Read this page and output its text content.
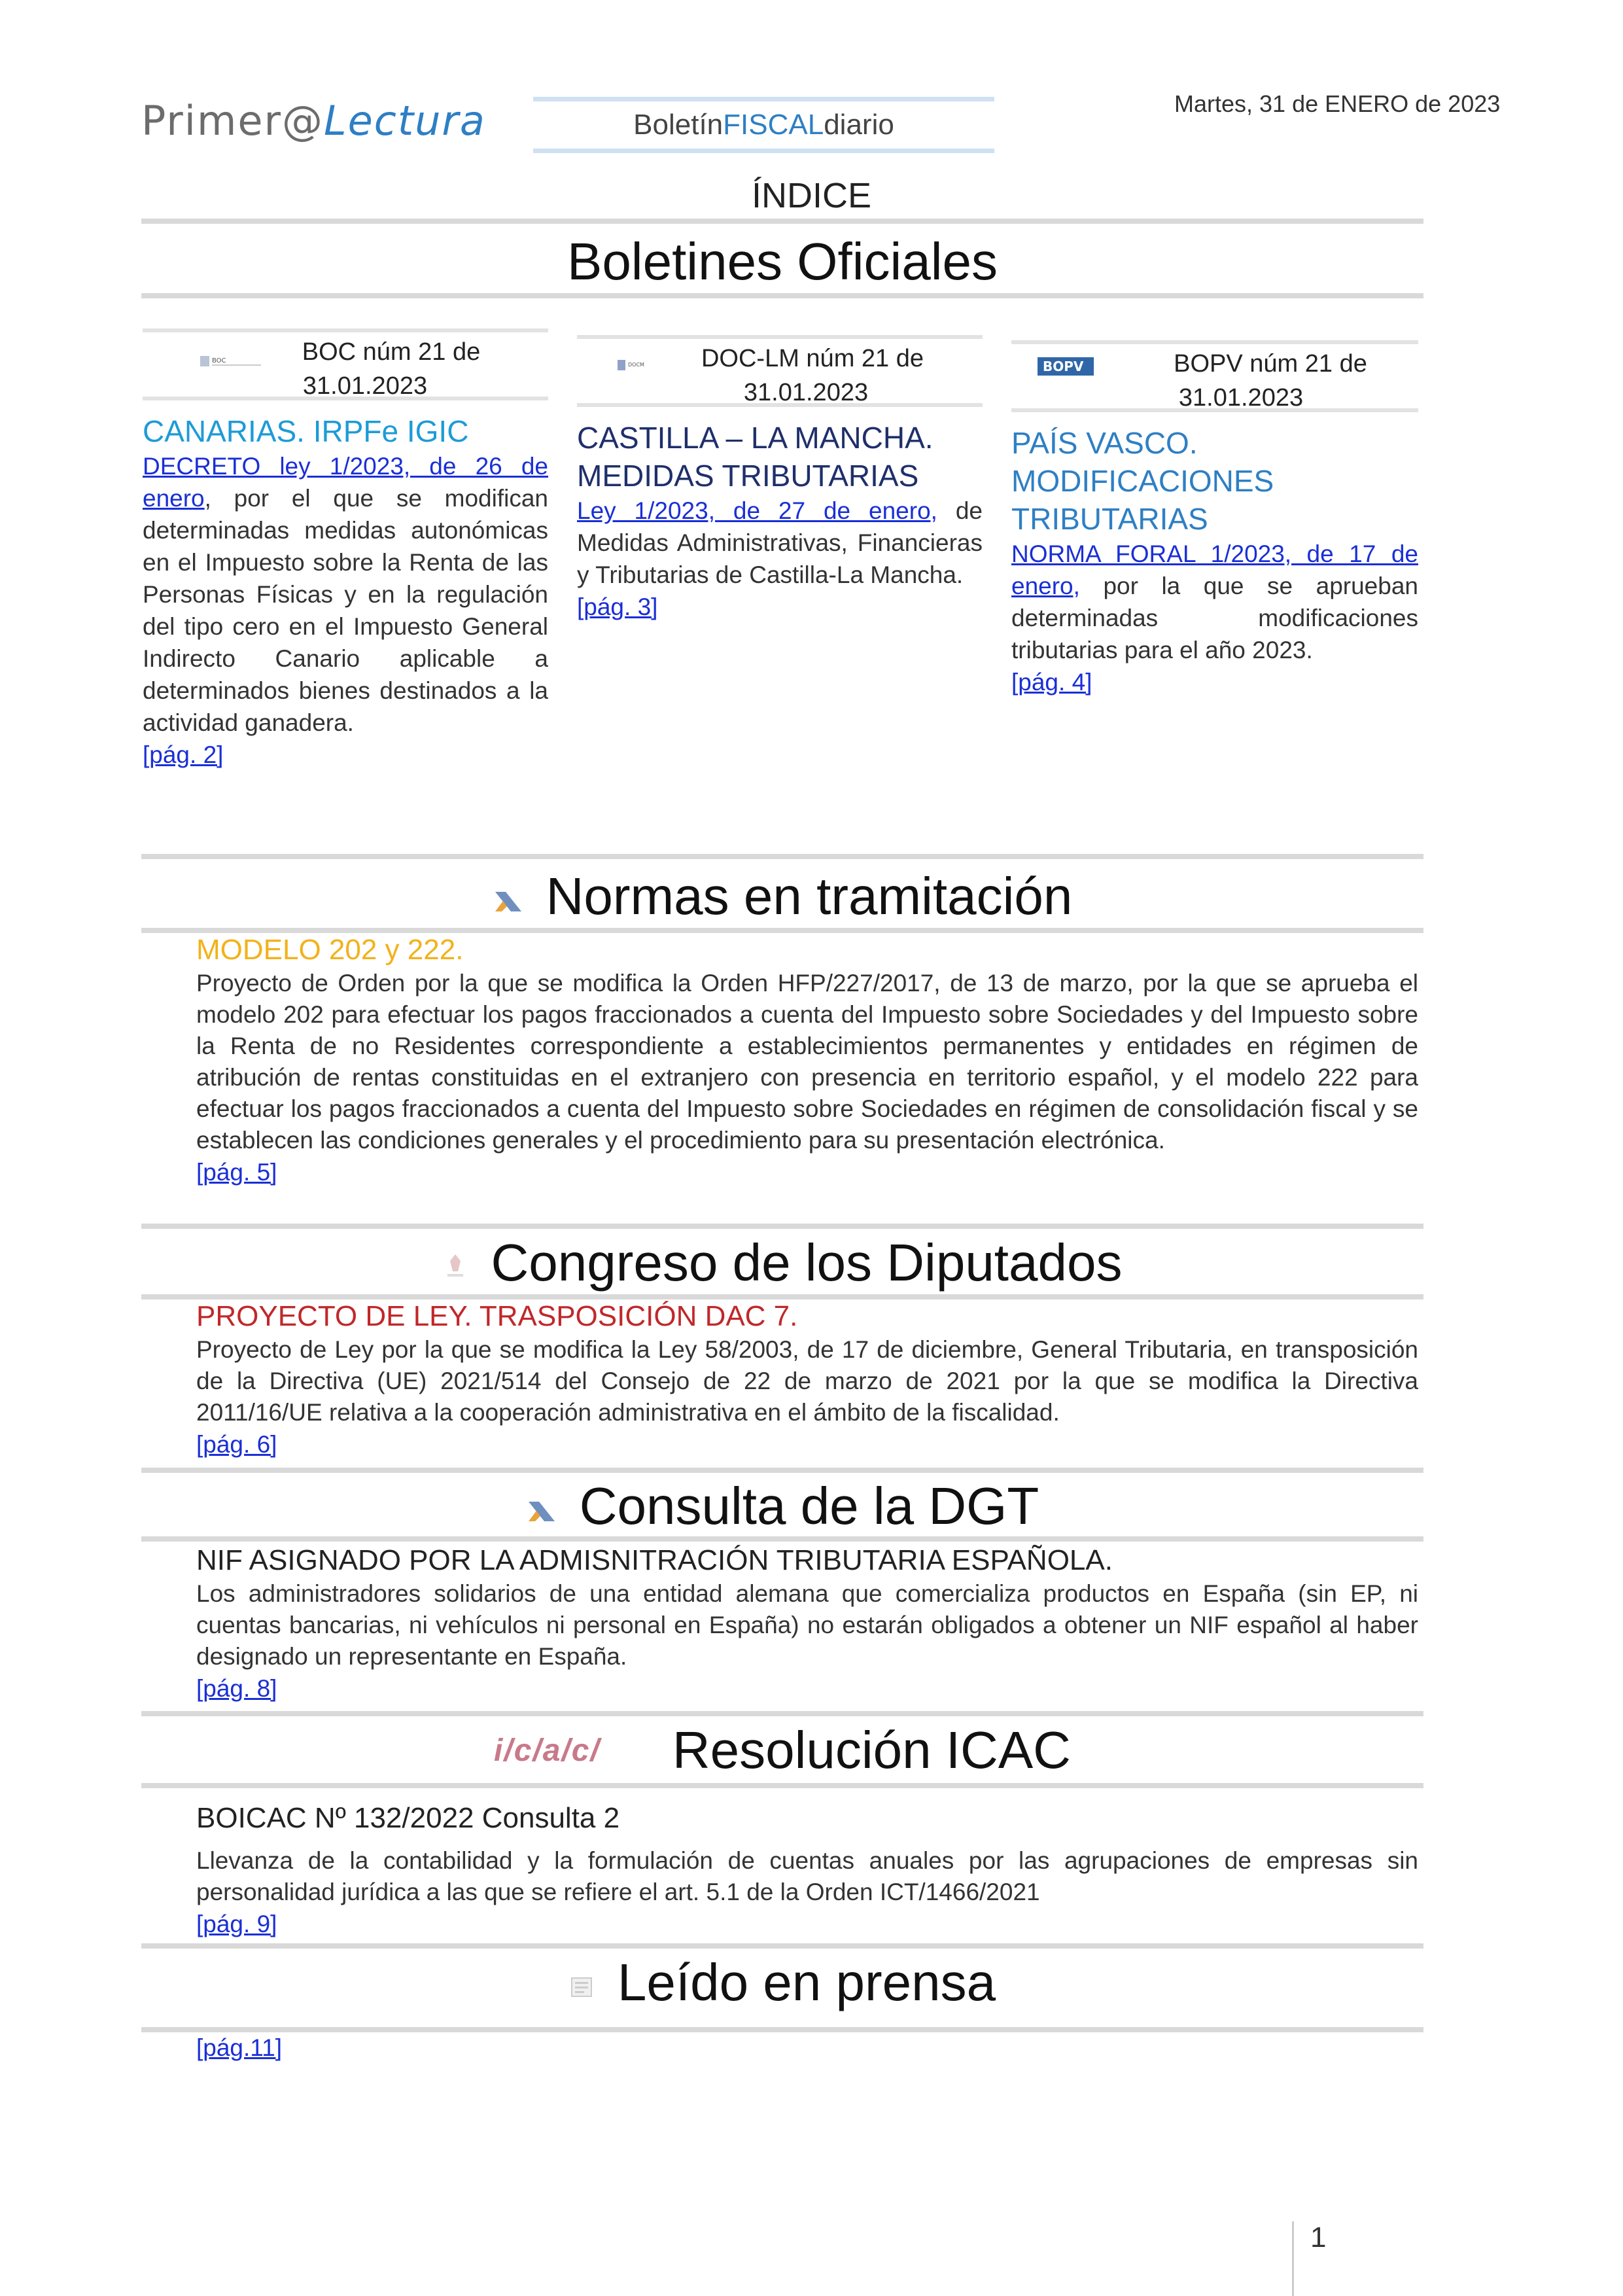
Primer@Lectura	Boletín FISCAL diario
Martes, 31 de ENERO de 2023
ÍNDICE
Boletines Oficiales
BOC	BOC núm 21 de
31.01.2023
CANARIAS. IRPFe IGIC
DECRETO ley 1/2023, de 26 de enero, por el que se modifican determinadas medidas autonómicas en el Impuesto sobre la Renta de las Personas Físicas y en la regulación del tipo cero en el Impuesto General Indirecto Canario aplicable a determinados bienes destinados a la actividad ganadera.
[pág. 2]
DOCM	DOC-LM núm 21 de
31.01.2023
CASTILLA – LA MANCHA. MEDIDAS TRIBUTARIAS
Ley 1/2023, de 27 de enero, de Medidas Administrativas, Financieras y Tributarias de Castilla-La Mancha.
[pág. 3]
BOPV	BOPV núm 21 de
31.01.2023
PAÍS VASCO. MODIFICACIONES TRIBUTARIAS
NORMA FORAL 1/2023, de 17 de enero, por la que se aprueban determinadas modificaciones tributarias para el año 2023.
[pág. 4]
Normas en tramitación
MODELO 202 y 222.
Proyecto de Orden por la que se modifica la Orden HFP/227/2017, de 13 de marzo, por la que se aprueba el modelo 202 para efectuar los pagos fraccionados a cuenta del Impuesto sobre Sociedades y del Impuesto sobre la Renta de no Residentes correspondiente a establecimientos permanentes y entidades en régimen de atribución de rentas constituidas en el extranjero con presencia en territorio español, y el modelo 222 para efectuar los pagos fraccionados a cuenta del Impuesto sobre Sociedades en régimen de consolidación fiscal y se establecen las condiciones generales y el procedimiento para su presentación electrónica.
[pág. 5]
Congreso de los Diputados
PROYECTO DE LEY. TRASPOSICIÓN DAC 7.
Proyecto de Ley por la que se modifica la Ley 58/2003, de 17 de diciembre, General Tributaria, en transposición de la Directiva (UE) 2021/514 del Consejo de 22 de marzo de 2021 por la que se modifica la Directiva 2011/16/UE relativa a la cooperación administrativa en el ámbito de la fiscalidad.
[pág. 6]
Consulta de la DGT
NIF ASIGNADO POR LA ADMISNITRACIÓN TRIBUTARIA ESPAÑOLA.
Los administradores solidarios de una entidad alemana que comercializa productos en España (sin EP, ni cuentas bancarias, ni vehículos ni personal en España) no estarán obligados a obtener un NIF español al haber designado un representante en España.
[pág. 8]
i/c/a/c/ Resolución ICAC
BOICAC Nº 132/2022 Consulta 2
Llevanza de la contabilidad y la formulación de cuentas anuales por las agrupaciones de empresas sin personalidad jurídica a las que se refiere el art. 5.1 de la Orden ICT/1466/2021
[pág. 9]
Leído en prensa
[pág.11]
1
